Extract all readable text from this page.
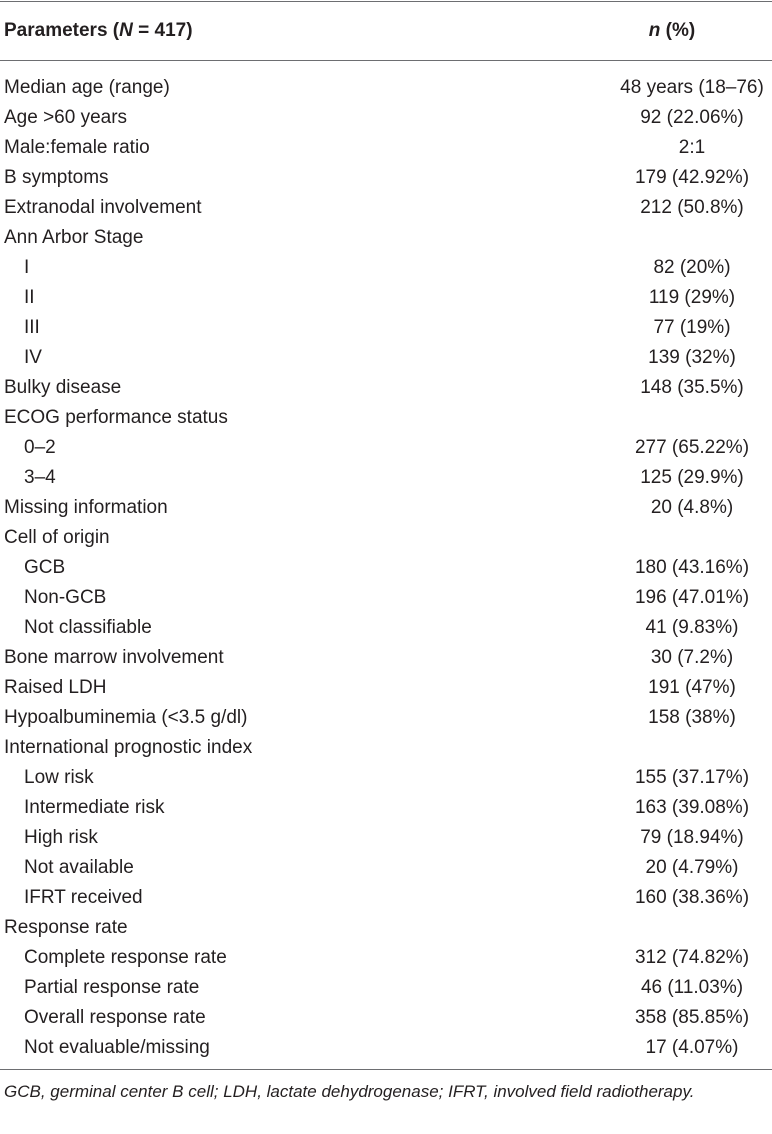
Parameters (N = 417)	n (%)
Median age (range)	48 years (18–76)
Age >60 years	92 (22.06%)
Male:female ratio	2:1
B symptoms	179 (42.92%)
Extranodal involvement	212 (50.8%)
Ann Arbor Stage
I	82 (20%)
II	119 (29%)
III	77 (19%)
IV	139 (32%)
Bulky disease	148 (35.5%)
ECOG performance status
0–2	277 (65.22%)
3–4	125 (29.9%)
Missing information	20 (4.8%)
Cell of origin
GCB	180 (43.16%)
Non-GCB	196 (47.01%)
Not classifiable	41 (9.83%)
Bone marrow involvement	30 (7.2%)
Raised LDH	191 (47%)
Hypoalbuminemia (<3.5 g/dl)	158 (38%)
International prognostic index
Low risk	155 (37.17%)
Intermediate risk	163 (39.08%)
High risk	79 (18.94%)
Not available	20 (4.79%)
IFRT received	160 (38.36%)
Response rate
Complete response rate	312 (74.82%)
Partial response rate	46 (11.03%)
Overall response rate	358 (85.85%)
Not evaluable/missing	17 (4.07%)
GCB, germinal center B cell; LDH, lactate dehydrogenase; IFRT, involved field radiotherapy.
